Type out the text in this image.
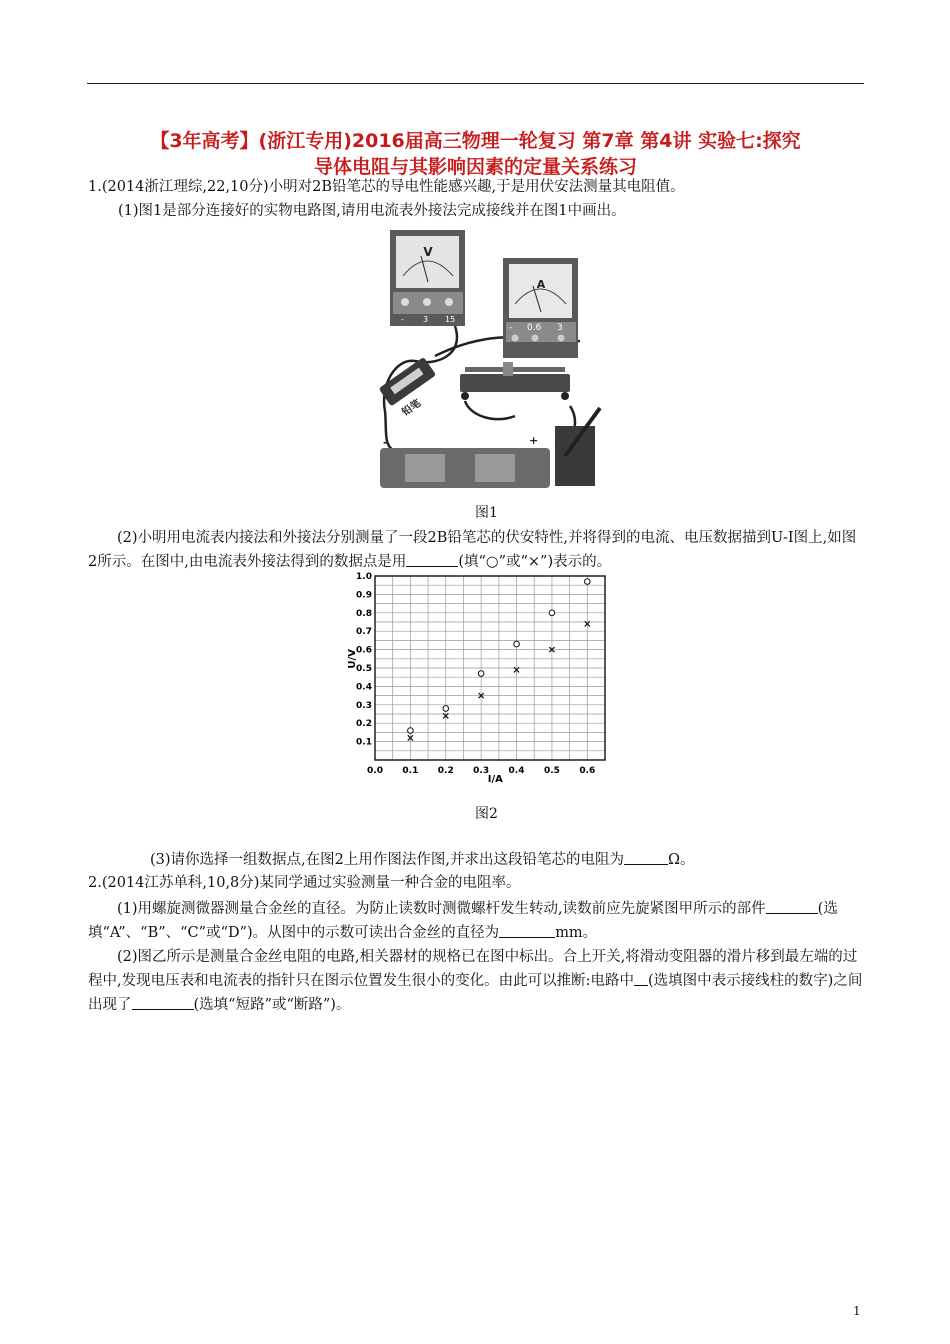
【3年高考】(浙江专用)2016届高三物理一轮复习 第7章 第4讲 实验七:探究
导体电阻与其影响因素的定量关系练习
1.(2014浙江理综,22,10分)小明对2B铅笔芯的导电性能感兴趣,于是用伏安法测量其电阻值。
(1)图1是部分连接好的实物电路图,请用电流表外接法完成接线并在图1中画出。
V
- 3 15
A
- 0.6 3
铅笔
-	+
图1
(2)小明用电流表内接法和外接法分别测量了一段2B铅笔芯的伏安特性,并将得到的电流、电压数据描到U-I图上,如图2所示。在图中,由电流表外接法得到的数据点是用	(填“○”或“×”)表示的。
0.0 0.1 0.2 0.3 0.4 0.5 0.6
0.1
0.2
0.3
0.4
0.5
0.6
0.7
0.8
0.9
1.0
I/A
U/V
图2
(3)请你选择一组数据点,在图2上用作图法作图,并求出这段铅笔芯的电阻为	Ω。
2.(2014江苏单科,10,8分)某同学通过实验测量一种合金的电阻率。
(1)用螺旋测微器测量合金丝的直径。为防止读数时测微螺杆发生转动,读数前应先旋紧图甲所示的部件	(选填“A”、“B”、“C”或“D”)。从图中的示数可读出合金丝的直径为	mm。
(2)图乙所示是测量合金丝电阻的电路,相关器材的规格已在图中标出。合上开关,将滑动变阻器的滑片移到最左端的过程中,发现电压表和电流表的指针只在图示位置发生很小的变化。由此可以推断:电路中 (选填图中表示接线柱的数字)之间出现了	(选填“短路”或“断路”)。
1
